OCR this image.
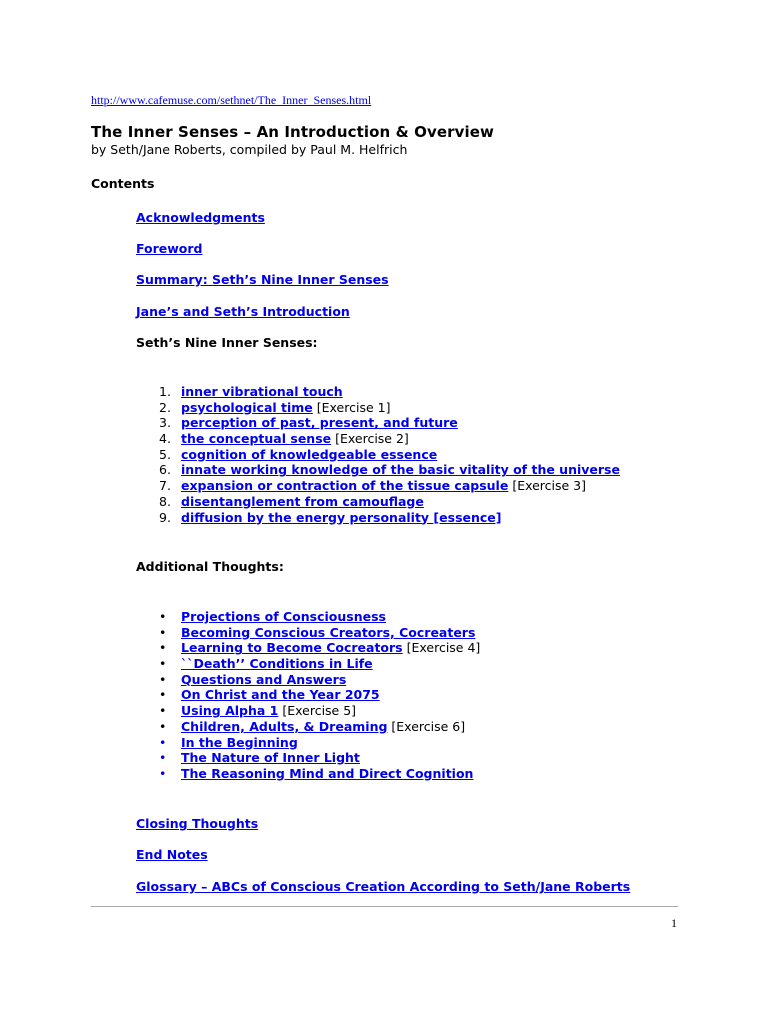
http://www.cafemuse.com/sethnet/The_Inner_Senses.html
The Inner Senses – An Introduction & Overview
by Seth/Jane Roberts, compiled by Paul M. Helfrich
Contents
Acknowledgments
Foreword
Summary: Seth’s Nine Inner Senses
Jane’s and Seth’s Introduction
Seth’s Nine Inner Senses:
1. inner vibrational touch
2. psychological time [Exercise 1]
3. perception of past, present, and future
4. the conceptual sense [Exercise 2]
5. cognition of knowledgeable essence
6. innate working knowledge of the basic vitality of the universe
7. expansion or contraction of the tissue capsule [Exercise 3]
8. disentanglement from camouflage
9. diffusion by the energy personality [essence]
Additional Thoughts:
• Projections of Consciousness
• Becoming Conscious Creators, Cocreaters
• Learning to Become Cocreators [Exercise 4]
• ``Death’’ Conditions in Life
• Questions and Answers
• On Christ and the Year 2075
• Using Alpha 1 [Exercise 5]
• Children, Adults, & Dreaming [Exercise 6]
• In the Beginning
• The Nature of Inner Light
• The Reasoning Mind and Direct Cognition
Closing Thoughts
End Notes
Glossary – ABCs of Conscious Creation According to Seth/Jane Roberts
1
